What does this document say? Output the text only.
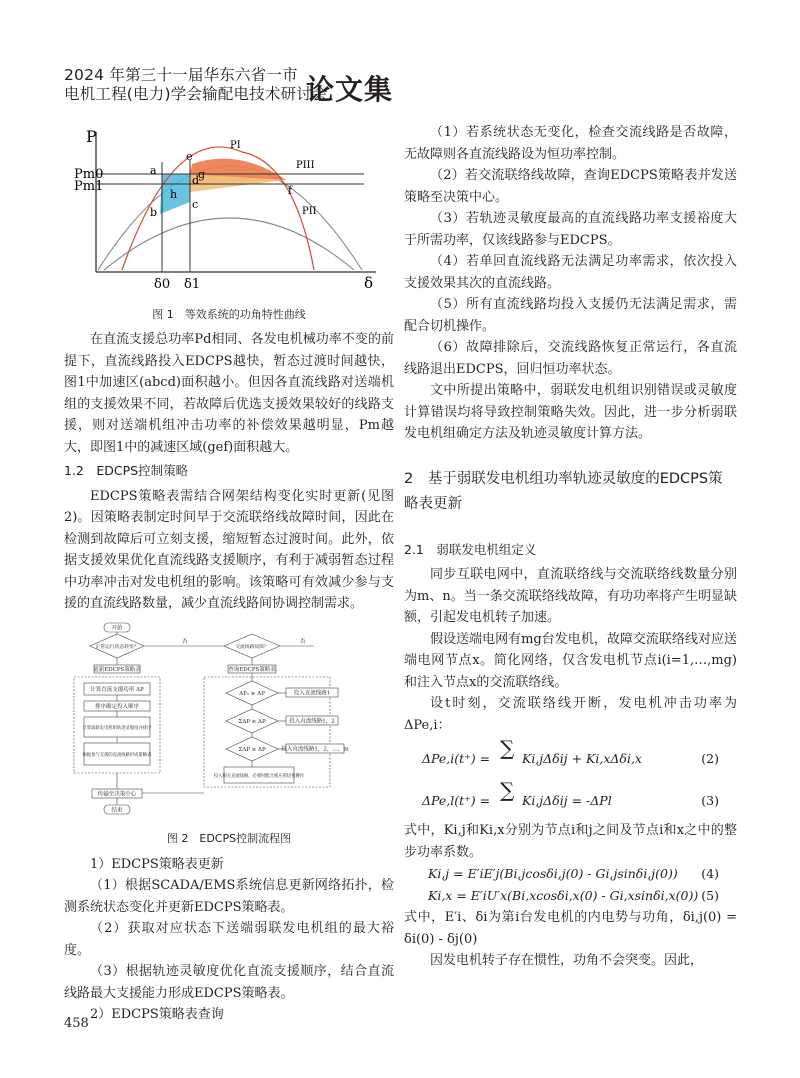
2024 年第三十一届华东六省一市
电机工程(电力)学会输配电技术研讨会
论文集
P
Pm0
Pm1
PI
PIII
PII
a
b
c
d
e
f
g
h
δ0 δ1	δ
图 1　等效系统的功角特性曲线

在直流支援总功率Pd相同、各发电机械功率不变的前提下，直流线路投入EDCPS越快，暂态过渡时间越快，图1中加速区(abcd)面积越小。但因各直流线路对送端机组的支援效果不同，若故障后优选支援效果较好的线路支援，则对送端机组冲击功率的补偿效果越明显，Pm越大，即图1中的减速区域(gef)面积越大。

1.2　EDCPS控制策略

EDCPS策略表需结合网架结构变化实时更新(见图2)。因策略表制定时间早于交流联络线故障时间，因此在检测到故障后可立刻支援，缩短暂态过渡时间。此外，依据支援效果优化直流线路支援顺序，有利于减弱暂态过程中功率冲击对发电机组的影响。该策略可有效减少参与支援的直流线路数量，减少直流线路间协调控制需求。

开始
正常运行状态转变？	交流线路故障？
否	否
更新EDCPS策略表	查询EDCPS策略表
计算直流支援功率 ΔP
排序确定投入顺序
计算弱联发电机组轨迹灵敏度并排序
根据参与支援的直流线路形成策略表
ΔP₁ ≥ ΔP
ΣΔP ≥ ΔP
ΣΔP ≥ ΔP
投入直流线路1
投入直流线路1，2
投入直流线路1，2，…，m
投入相关直流线路，必要时配合相应的切机操作
传输至决策中心
结束
图 2　EDCPS控制流程图

1）EDCPS策略表更新

（1）根据SCADA/EMS系统信息更新网络拓扑，检测系统状态变化并更新EDCPS策略表。

（2）获取对应状态下送端弱联发电机组的最大裕度。

（3）根据轨迹灵敏度优化直流支援顺序，结合直流线路最大支援能力形成EDCPS策略表。

2）EDCPS策略表查询

（1）若系统状态无变化，检查交流线路是否故障，无故障则各直流线路设为恒功率控制。

（2）若交流联络线故障，查询EDCPS策略表并发送策略至决策中心。

（3）若轨迹灵敏度最高的直流线路功率支援裕度大于所需功率，仅该线路参与EDCPS。

（4）若单回直流线路无法满足功率需求，依次投入支援效果其次的直流线路。

（5）所有直流线路均投入支援仍无法满足需求，需配合切机操作。

（6）故障排除后，交流线路恢复正常运行，各直流线路退出EDCPS，回归恒功率状态。

文中所提出策略中，弱联发电机组识别错误或灵敏度计算错误均将导致控制策略失效。因此，进一步分析弱联发电机组确定方法及轨迹灵敏度计算方法。

2　基于弱联发电机组功率轨迹灵敏度的EDCPS策略表更新
2.1　弱联发电机组定义

同步互联电网中，直流联络线与交流联络线数量分别为m、n。当一条交流联络线故障，有功功率将产生明显缺额，引起发电机转子加速。

假设送端电网有mg台发电机，故障交流联络线对应送端电网节点x。简化网络，仅含发电机节点i(i=1,…,mg)和注入节点x的交流联络线。

设t时刻，交流联络线开断，发电机冲击功率为ΔPe,i：

ΔPe,i(t⁺) = ∑ Ki,jΔδij + Ki,xΔδi,x	(2)
ΔPe,l(t⁺) = ∑ Ki,jΔδij = -ΔPl	(3)

式中，Ki,j和Ki,x分别为节点i和j之间及节点i和x之中的整步功率系数。

Ki,j = E′iE′j(Bi,jcosδi,j(0) - Gi,jsinδi,j(0)) (4)
Ki,x = E′iU′x(Bi,xcosδi,x(0) - Gi,xsinδi,x(0)) (5)

式中，E′i、δi为第i台发电机的内电势与功角，δi,j(0) = δi(0) - δj(0)

因发电机转子存在惯性，功角不会突变。因此，

458
